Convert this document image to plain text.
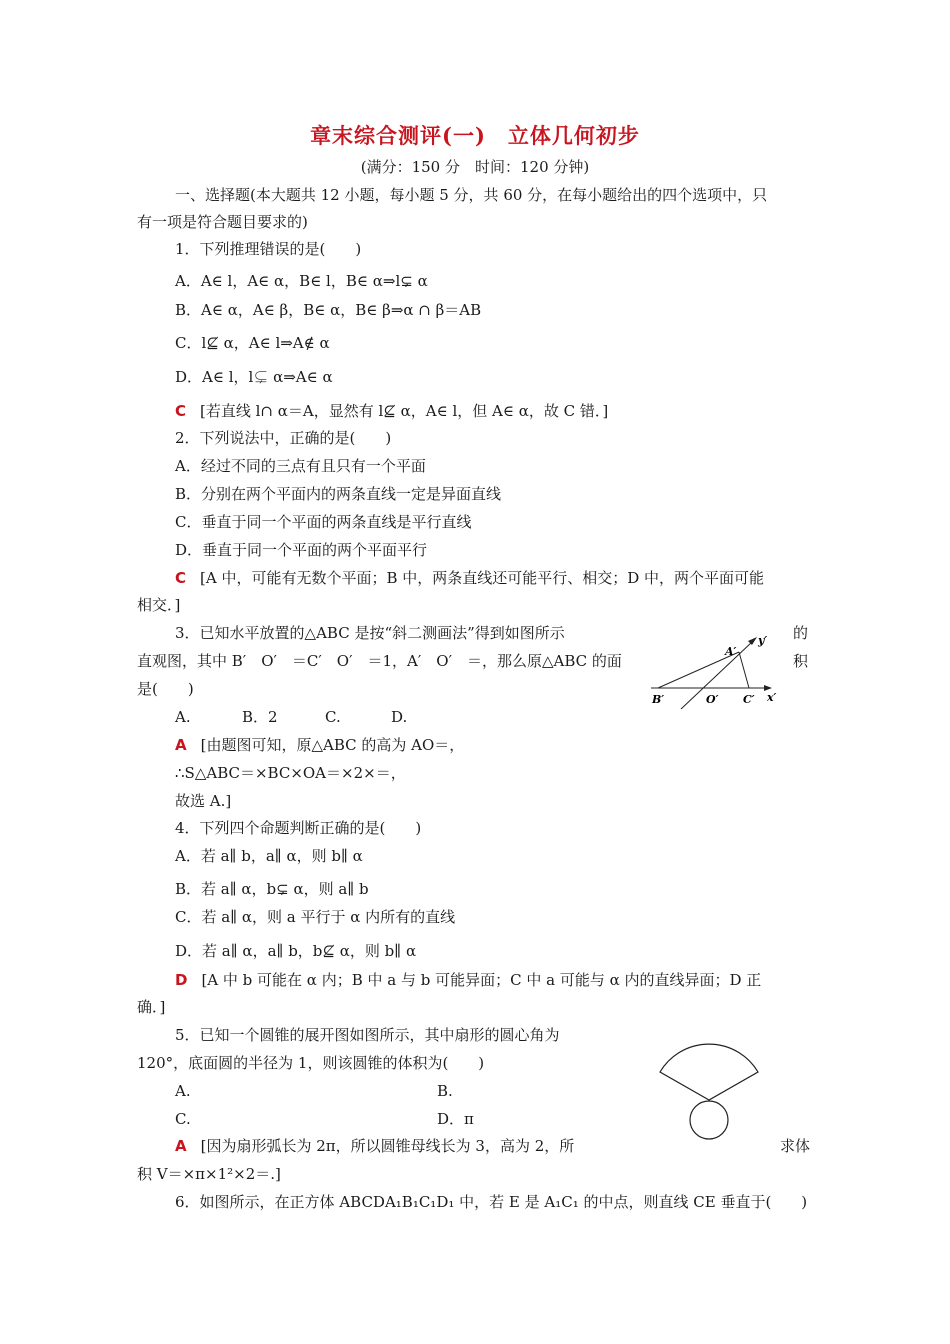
章末综合测评(一)　立体几何初步
(满分：150 分　时间：120 分钟)
一、选择题(本大题共 12 小题，每小题 5 分，共 60 分，在每小题给出的四个选项中，只
有一项是符合题目要求的)
1．下列推理错误的是(　　)
A．A∈ l，A∈ α，B∈ l，B∈ α⇒l⊊ α
B．A∈ α，A∈ β，B∈ α，B∈ β⇒α ∩ β＝AB
C．l⊈ α，A∈ l⇒A∉ α
D．A∈ l，l⊊ α⇒A∈ α
C [若直线 l∩ α＝A，显然有 l⊈ α，A∈ l，但 A∈ α，故 C 错．]
2．下列说法中，正确的是(　　)
A．经过不同的三点有且只有一个平面
B．分别在两个平面内的两条直线一定是异面直线
C．垂直于同一个平面的两条直线是平行直线
D．垂直于同一个平面的两个平面平行
C [A 中，可能有无数个平面；B 中，两条直线还可能平行、相交；D 中，两个平面可能
相交．]
3．已知水平放置的△ABC 是按“斜二测画法”得到如图所示	的
直观图，其中 B′　O′　＝C′　O′　＝1，A′　O′　＝，那么原△ABC 的面	积
是(　　)
A.	B．2	C.	D.
A [由题图可知，原△ABC 的高为 AO＝，
∴S△ABC＝×BC×OA＝×2×＝，
故选 A.]
A′
y′
B′	O′ C′ x′
4．下列四个命题判断正确的是(　　)
A．若 a∥ b，a∥ α，则 b∥ α
B．若 a∥ α，b⊊ α，则 a∥ b
C．若 a∥ α，则 a 平行于 α 内所有的直线
D．若 a∥ α，a∥ b，b⊈ α，则 b∥ α
D [A 中 b 可能在 α 内；B 中 a 与 b 可能异面；C 中 a 可能与 α 内的直线异面；D 正
确．]
5．已知一个圆锥的展开图如图所示，其中扇形的圆心角为
120°，底面圆的半径为 1，则该圆锥的体积为(　　)
A.	B.
C.	D．π
A [因为扇形弧长为 2π，所以圆锥母线长为 3，高为 2，所	求体
积 V＝×π×1²×2＝.]
6．如图所示，在正方体 ABCDA₁B₁C₁D₁ 中，若 E 是 A₁C₁ 的中点，则直线 CE 垂直于(　　)
